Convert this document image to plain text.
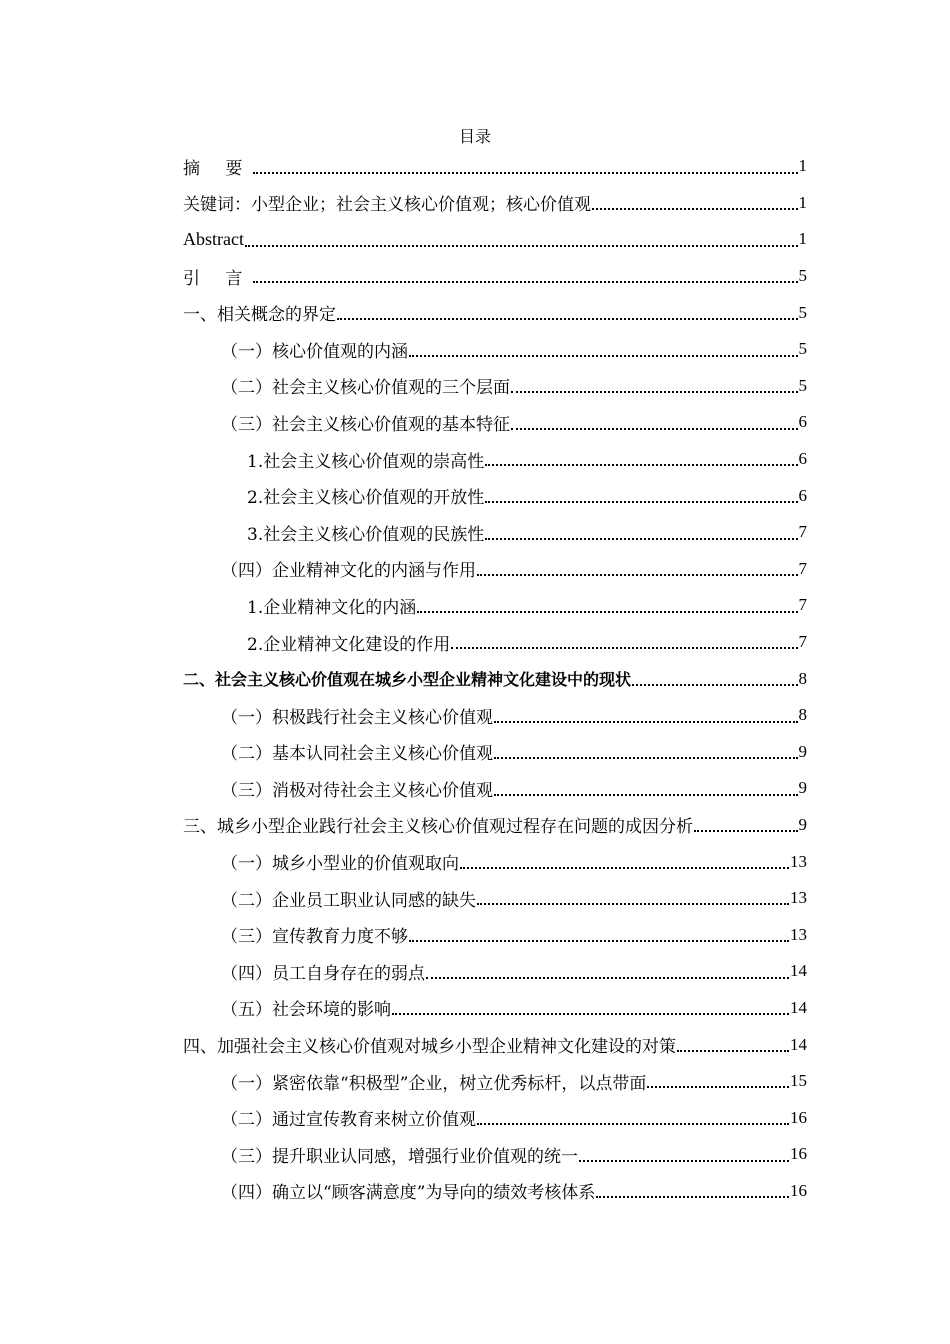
目录
摘 要	1
关键词：小型企业；社会主义核心价值观；核心价值观	1
Abstract	1
引 言	5
一、相关概念的界定	5
（一）核心价值观的内涵	5
（二）社会主义核心价值观的三个层面	5
（三）社会主义核心价值观的基本特征	6
1.社会主义核心价值观的崇高性	6
2.社会主义核心价值观的开放性	6
3.社会主义核心价值观的民族性	7
（四）企业精神文化的内涵与作用	7
1.企业精神文化的内涵	7
2.企业精神文化建设的作用	7
二、社会主义核心价值观在城乡小型企业精神文化建设中的现状	8
（一）积极践行社会主义核心价值观	8
（二）基本认同社会主义核心价值观	9
（三）消极对待社会主义核心价值观	9
三、城乡小型企业践行社会主义核心价值观过程存在问题的成因分析	9
（一）城乡小型业的价值观取向	13
（二）企业员工职业认同感的缺失	13
（三）宣传教育力度不够	13
（四）员工自身存在的弱点	14
（五）社会环境的影响	14
四、加强社会主义核心价值观对城乡小型企业精神文化建设的对策	14
（一）紧密依靠“积极型”企业，树立优秀标杆，以点带面	15
（二）通过宣传教育来树立价值观	16
（三）提升职业认同感，增强行业价值观的统一	16
（四）确立以“顾客满意度”为导向的绩效考核体系	16
